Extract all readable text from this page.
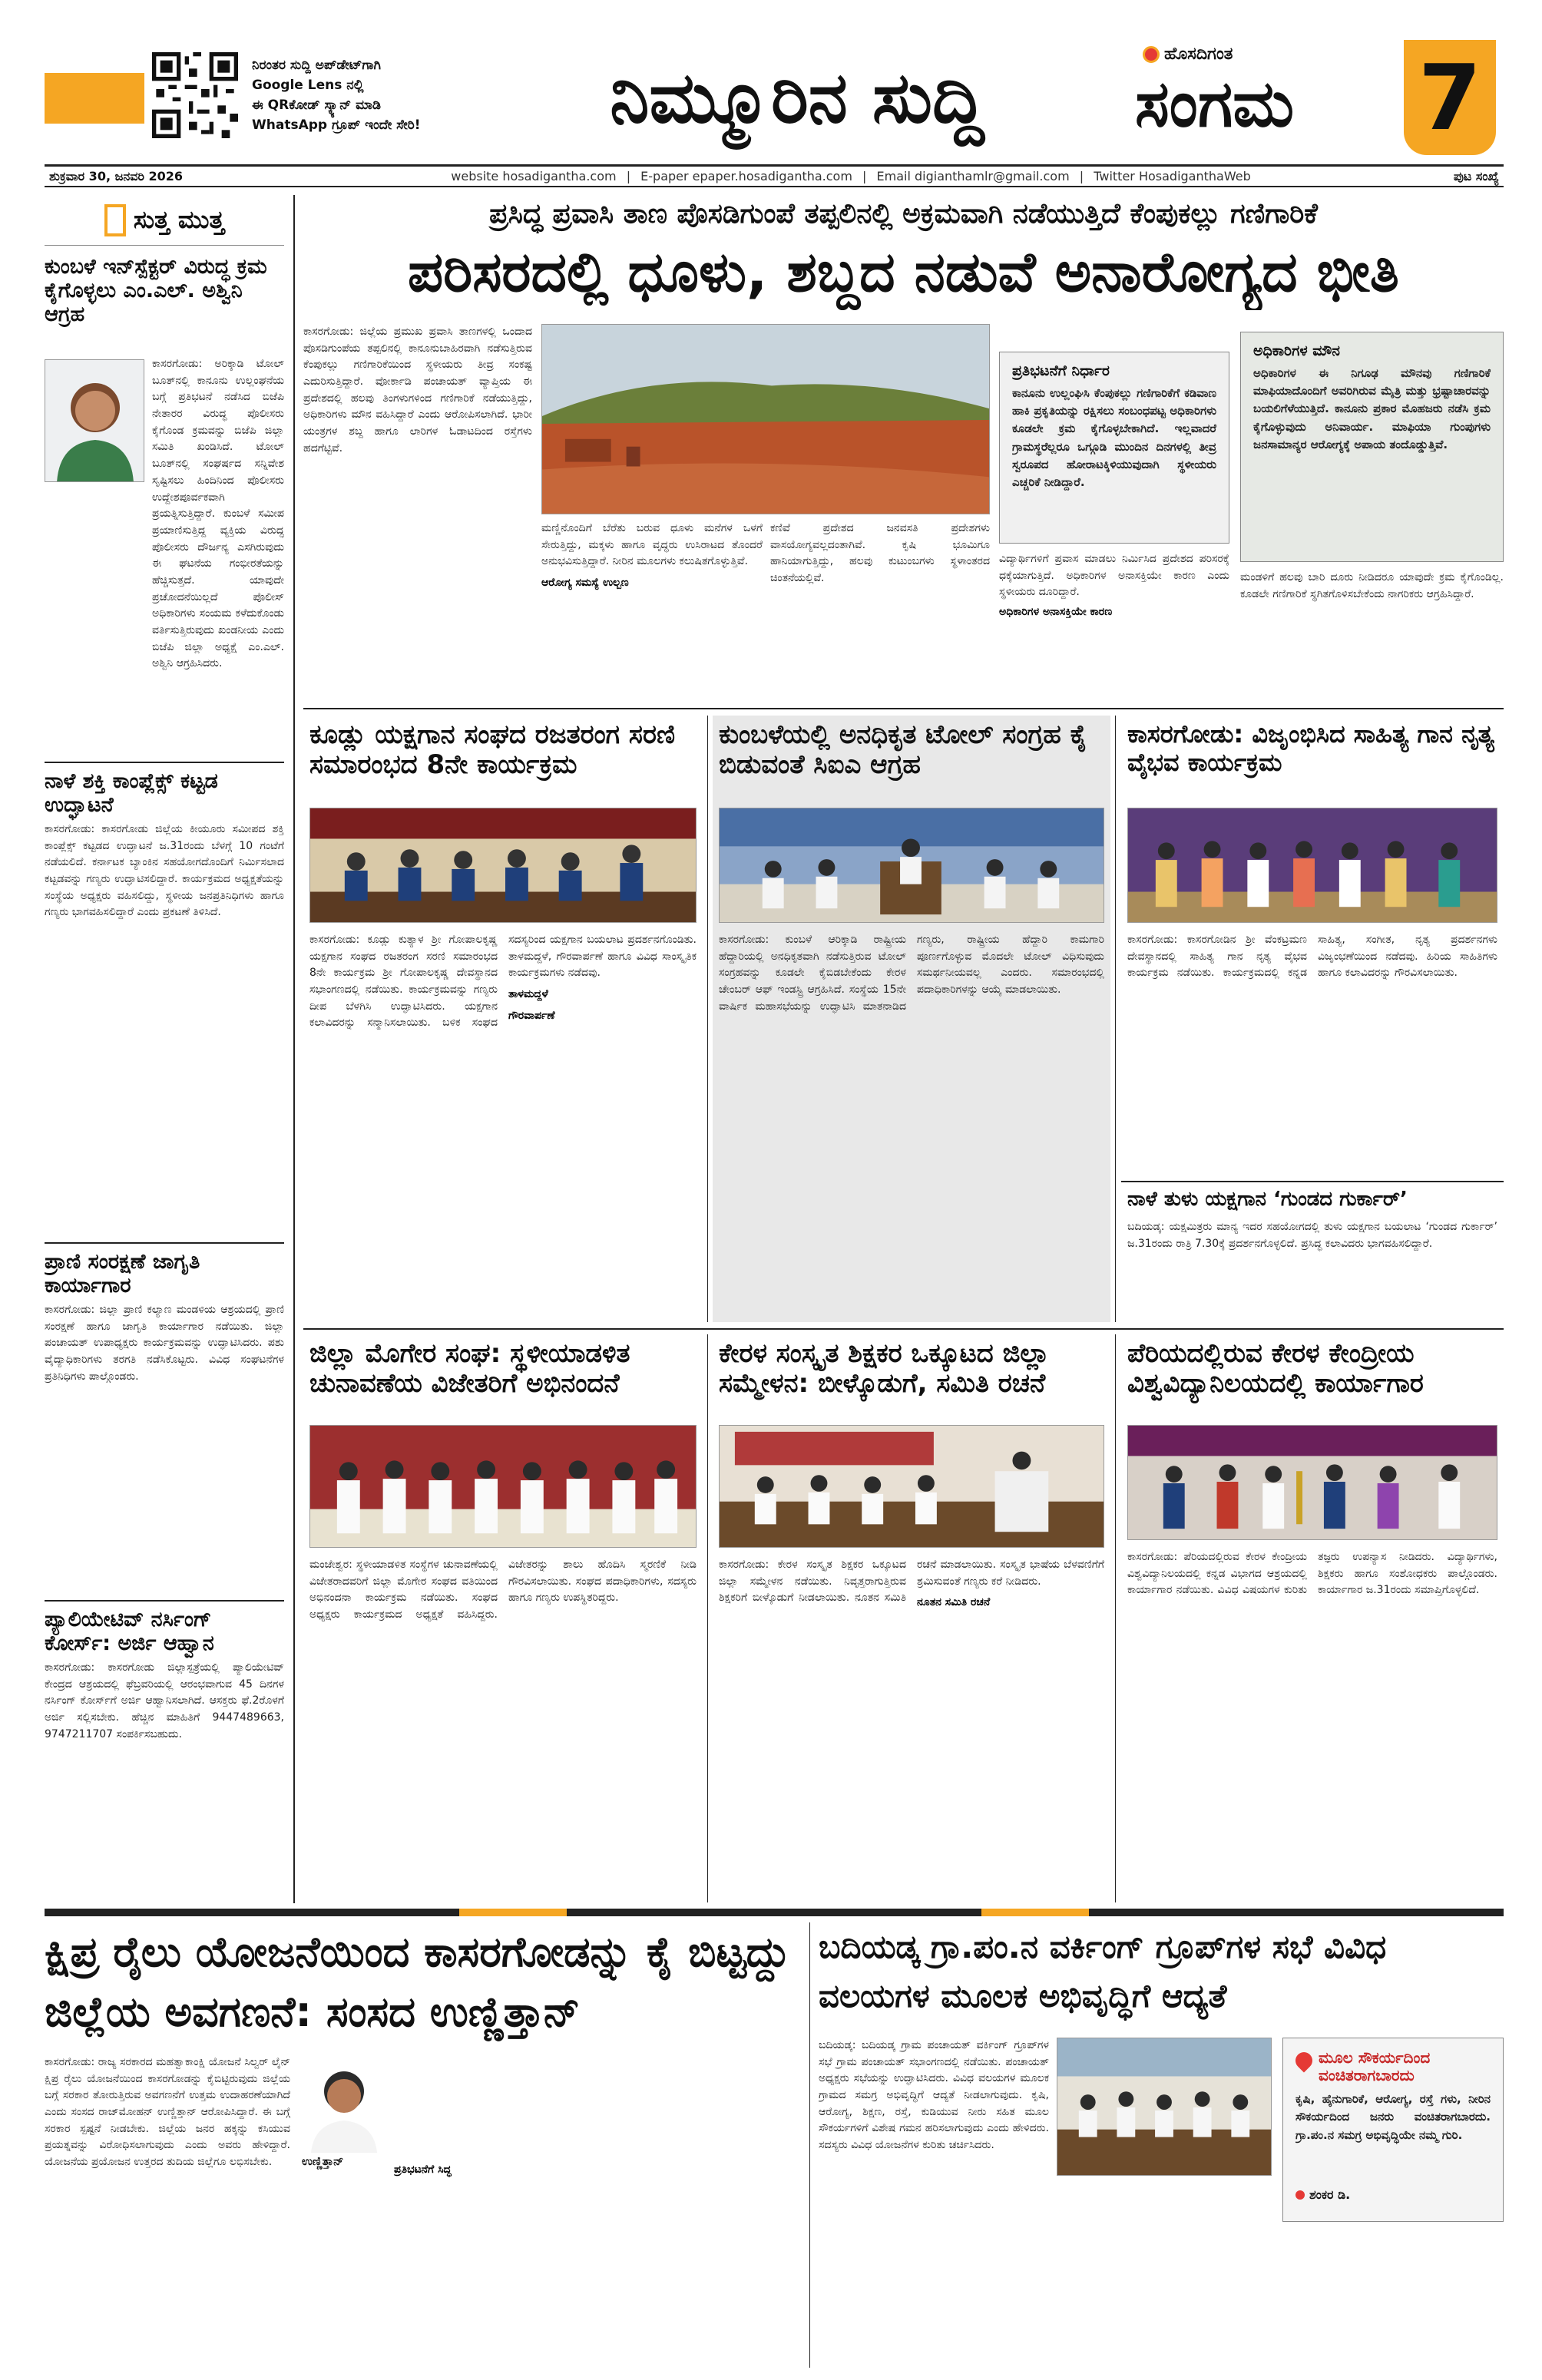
ನಿರಂತರ ಸುದ್ದಿ ಅಪ್‌ಡೇಟ್‌ಗಾಗಿ
Google Lens ನಲ್ಲಿ
ಈ QRಕೋಡ್ ಸ್ಕ್ಯಾನ್ ಮಾಡಿ
WhatsApp ಗ್ರೂಪ್ ಇಂದೇ ಸೇರಿ!	ನಿಮ್ಮೂರಿನ ಸುದ್ದಿ
ಹೊಸದಿಗಂತ
ಸಂಗಮ 7
ಶುಕ್ರವಾರ 30, ಜನವರಿ 2026	website hosadigantha.com | E-paper epaper.hosadigantha.com | Email digianthamlr@gmail.com | Twitter HosadiganthaWeb	ಪುಟ ಸಂಖ್ಯೆ
ಸುತ್ತ ಮುತ್ತ
ಕುಂಬಳೆ ಇನ್‌ಸ್ಪೆಕ್ಟರ್ ವಿರುದ್ಧ ಕ್ರಮ ಕೈಗೊಳ್ಳಲು ಎಂ.ಎಲ್. ಅಶ್ವಿನಿ ಆಗ್ರಹ
ಕಾಸರಗೋಡು: ಅರಿಕ್ಕಾಡಿ ಟೋಲ್ ಬೂತ್‌ನಲ್ಲಿ ಕಾನೂನು ಉಲ್ಲಂಘನೆಯ ಬಗ್ಗೆ ಪ್ರತಿಭಟನೆ ನಡೆಸಿದ ಬಿಜೆಪಿ ನೇತಾರರ ವಿರುದ್ಧ ಪೊಲೀಸರು ಕೈಗೊಂಡ ಕ್ರಮವನ್ನು ಬಿಜೆಪಿ ಜಿಲ್ಲಾ ಸಮಿತಿ ಖಂಡಿಸಿದೆ. ಟೋಲ್ ಬೂತ್‌ನಲ್ಲಿ ಸಂಘರ್ಷದ ಸನ್ನಿವೇಶ ಸೃಷ್ಟಿಸಲು ಹಿಂದಿನಿಂದ ಪೊಲೀಸರು ಉದ್ದೇಶಪೂರ್ವಕವಾಗಿ ಪ್ರಯತ್ನಿಸುತ್ತಿದ್ದಾರೆ. ಕುಂಬಳೆ ಸಮೀಪ ಪ್ರಯಾಣಿಸುತ್ತಿದ್ದ ವ್ಯಕ್ತಿಯ ವಿರುದ್ಧ ಪೊಲೀಸರು ದೌರ್ಜನ್ಯ ಎಸಗಿರುವುದು ಈ ಘಟನೆಯ ಗಂಭೀರತೆಯನ್ನು ಹೆಚ್ಚಿಸುತ್ತದೆ. ಯಾವುದೇ ಪ್ರಚೋದನೆಯಿಲ್ಲದೆ ಪೊಲೀಸ್ ಅಧಿಕಾರಿಗಳು ಸಂಯಮ ಕಳೆದುಕೊಂಡು ವರ್ತಿಸುತ್ತಿರುವುದು ಖಂಡನೀಯ ಎಂದು ಬಿಜೆಪಿ ಜಿಲ್ಲಾ ಅಧ್ಯಕ್ಷೆ ಎಂ.ಎಲ್. ಅಶ್ವಿನಿ ಆಗ್ರಹಿಸಿದರು.
ನಾಳೆ ಶಕ್ತಿ ಕಾಂಪ್ಲೆಕ್ಸ್ ಕಟ್ಟಡ ಉದ್ಘಾಟನೆ
ಕಾಸರಗೋಡು: ಕಾಸರಗೋಡು ಜಿಲ್ಲೆಯ ಕೀಯೂರು ಸಮೀಪದ ಶಕ್ತಿ ಕಾಂಪ್ಲೆಕ್ಸ್ ಕಟ್ಟಡದ ಉದ್ಘಾಟನೆ ಜ.31ರಂದು ಬೆಳಗ್ಗೆ 10 ಗಂಟೆಗೆ ನಡೆಯಲಿದೆ. ಕರ್ನಾಟಕ ಬ್ಯಾಂಕಿನ ಸಹಯೋಗದೊಂದಿಗೆ ನಿರ್ಮಿಸಲಾದ ಕಟ್ಟಡವನ್ನು ಗಣ್ಯರು ಉದ್ಘಾಟಿಸಲಿದ್ದಾರೆ. ಕಾರ್ಯಕ್ರಮದ ಅಧ್ಯಕ್ಷತೆಯನ್ನು ಸಂಸ್ಥೆಯ ಅಧ್ಯಕ್ಷರು ವಹಿಸಲಿದ್ದು, ಸ್ಥಳೀಯ ಜನಪ್ರತಿನಿಧಿಗಳು ಹಾಗೂ ಗಣ್ಯರು ಭಾಗವಹಿಸಲಿದ್ದಾರೆ ಎಂದು ಪ್ರಕಟಣೆ ತಿಳಿಸಿದೆ.
ಪ್ರಾಣಿ ಸಂರಕ್ಷಣೆ ಜಾಗೃತಿ ಕಾರ್ಯಾಗಾರ
ಕಾಸರಗೋಡು: ಜಿಲ್ಲಾ ಪ್ರಾಣಿ ಕಲ್ಯಾಣ ಮಂಡಳಿಯ ಆಶ್ರಯದಲ್ಲಿ ಪ್ರಾಣಿ ಸಂರಕ್ಷಣೆ ಹಾಗೂ ಜಾಗೃತಿ ಕಾರ್ಯಾಗಾರ ನಡೆಯಿತು. ಜಿಲ್ಲಾ ಪಂಚಾಯತ್ ಉಪಾಧ್ಯಕ್ಷರು ಕಾರ್ಯಕ್ರಮವನ್ನು ಉದ್ಘಾಟಿಸಿದರು. ಪಶು ವೈದ್ಯಾಧಿಕಾರಿಗಳು ತರಗತಿ ನಡೆಸಿಕೊಟ್ಟರು. ವಿವಿಧ ಸಂಘಟನೆಗಳ ಪ್ರತಿನಿಧಿಗಳು ಪಾಲ್ಗೊಂಡರು.
ಪ್ಯಾಲಿಯೇಟಿವ್ ನರ್ಸಿಂಗ್ ಕೋರ್ಸ್: ಅರ್ಜಿ ಆಹ್ವಾನ
ಕಾಸರಗೋಡು: ಕಾಸರಗೋಡು ಜಿಲ್ಲಾಸ್ಪತ್ರೆಯಲ್ಲಿ ಪ್ಯಾಲಿಯೇಟಿವ್ ಕೇಂದ್ರದ ಆಶ್ರಯದಲ್ಲಿ ಫೆಬ್ರವರಿಯಲ್ಲಿ ಆರಂಭವಾಗುವ 45 ದಿನಗಳ ನರ್ಸಿಂಗ್ ಕೋರ್ಸ್‌ಗೆ ಅರ್ಜಿ ಆಹ್ವಾನಿಸಲಾಗಿದೆ. ಆಸಕ್ತರು ಫೆ.2ರೊಳಗೆ ಅರ್ಜಿ ಸಲ್ಲಿಸಬೇಕು. ಹೆಚ್ಚಿನ ಮಾಹಿತಿಗೆ 9447489663, 9747211707 ಸಂಪರ್ಕಿಸಬಹುದು.
ಪ್ರಸಿದ್ಧ ಪ್ರವಾಸಿ ತಾಣ ಪೊಸಡಿಗುಂಪೆ ತಪ್ಪಲಿನಲ್ಲಿ ಅಕ್ರಮವಾಗಿ ನಡೆಯುತ್ತಿದೆ ಕೆಂಪುಕಲ್ಲು ಗಣಿಗಾರಿಕೆ
ಪರಿಸರದಲ್ಲಿ ಧೂಳು, ಶಬ್ದದ ನಡುವೆ ಅನಾರೋಗ್ಯದ ಭೀತಿ
ಕಾಸರಗೋಡು: ಜಿಲ್ಲೆಯ ಪ್ರಮುಖ ಪ್ರವಾಸಿ ತಾಣಗಳಲ್ಲಿ ಒಂದಾದ ಪೊಸಡಿಗುಂಪೆಯ ತಪ್ಪಲಿನಲ್ಲಿ ಕಾನೂನುಬಾಹಿರವಾಗಿ ನಡೆಸುತ್ತಿರುವ ಕೆಂಪುಕಲ್ಲು ಗಣಿಗಾರಿಕೆಯಿಂದ ಸ್ಥಳೀಯರು ತೀವ್ರ ಸಂಕಷ್ಟ ಎದುರಿಸುತ್ತಿದ್ದಾರೆ. ವೋರ್ಕಾಡಿ ಪಂಚಾಯತ್ ವ್ಯಾಪ್ತಿಯ ಈ ಪ್ರದೇಶದಲ್ಲಿ ಹಲವು ತಿಂಗಳುಗಳಿಂದ ಗಣಿಗಾರಿಕೆ ನಡೆಯುತ್ತಿದ್ದು, ಅಧಿಕಾರಿಗಳು ಮೌನ ವಹಿಸಿದ್ದಾರೆ ಎಂದು ಆರೋಪಿಸಲಾಗಿದೆ. ಭಾರೀ ಯಂತ್ರಗಳ ಶಬ್ದ ಹಾಗೂ ಲಾರಿಗಳ ಓಡಾಟದಿಂದ ರಸ್ತೆಗಳು ಹದಗೆಟ್ಟಿವೆ.
ಮಣ್ಣಿನೊಂದಿಗೆ ಬೆರೆತು ಬರುವ ಧೂಳು ಮನೆಗಳ ಒಳಗೆ ಸೇರುತ್ತಿದ್ದು, ಮಕ್ಕಳು ಹಾಗೂ ವೃದ್ಧರು ಉಸಿರಾಟದ ತೊಂದರೆ ಅನುಭವಿಸುತ್ತಿದ್ದಾರೆ. ನೀರಿನ ಮೂಲಗಳು ಕಲುಷಿತಗೊಳ್ಳುತ್ತಿವೆ.
ಆರೋಗ್ಯ ಸಮಸ್ಯೆ ಉಲ್ಬಣ
ಕಣಿವೆ ಪ್ರದೇಶದ ಜನವಸತಿ ಪ್ರದೇಶಗಳು ವಾಸಯೋಗ್ಯವಲ್ಲದಂತಾಗಿವೆ. ಕೃಷಿ ಭೂಮಿಗೂ ಹಾನಿಯಾಗುತ್ತಿದ್ದು, ಹಲವು ಕುಟುಂಬಗಳು ಸ್ಥಳಾಂತರದ ಚಿಂತನೆಯಲ್ಲಿವೆ.
ಪ್ರತಿಭಟನೆಗೆ ನಿರ್ಧಾರ
ಕಾನೂನು ಉಲ್ಲಂಘಿಸಿ ಕೆಂಪುಕಲ್ಲು ಗಣಿಗಾರಿಕೆಗೆ ಕಡಿವಾಣ ಹಾಕಿ ಪ್ರಕೃತಿಯನ್ನು ರಕ್ಷಿಸಲು ಸಂಬಂಧಪಟ್ಟ ಅಧಿಕಾರಿಗಳು ಕೂಡಲೇ ಕ್ರಮ ಕೈಗೊಳ್ಳಬೇಕಾಗಿದೆ. ಇಲ್ಲವಾದರೆ ಗ್ರಾಮಸ್ಥರೆಲ್ಲರೂ ಒಗ್ಗೂಡಿ ಮುಂದಿನ ದಿನಗಳಲ್ಲಿ ತೀವ್ರ ಸ್ವರೂಪದ ಹೋರಾಟಕ್ಕಿಳಿಯುವುದಾಗಿ ಸ್ಥಳೀಯರು ಎಚ್ಚರಿಕೆ ನೀಡಿದ್ದಾರೆ.
ವಿದ್ಯಾರ್ಥಿಗಳಿಗೆ ಪ್ರವಾಸ ಮಾಡಲು ನಿರ್ಮಿಸಿದ ಪ್ರದೇಶದ ಪರಿಸರಕ್ಕೆ ಧಕ್ಕೆಯಾಗುತ್ತಿದೆ. ಅಧಿಕಾರಿಗಳ ಅನಾಸಕ್ತಿಯೇ ಕಾರಣ ಎಂದು ಸ್ಥಳೀಯರು ದೂರಿದ್ದಾರೆ.
ಅಧಿಕಾರಿಗಳ ಅನಾಸಕ್ತಿಯೇ ಕಾರಣ
ಅಧಿಕಾರಿಗಳ ಮೌನ
ಅಧಿಕಾರಿಗಳ ಈ ನಿಗೂಢ ಮೌನವು ಗಣಿಗಾರಿಕೆ ಮಾಫಿಯಾದೊಂದಿಗೆ ಅವರಿಗಿರುವ ಮೈತ್ರಿ ಮತ್ತು ಭ್ರಷ್ಟಾಚಾರವನ್ನು ಬಯಲಿಗೆಳೆಯುತ್ತಿದೆ. ಕಾನೂನು ಪ್ರಕಾರ ಮೊಹಜರು ನಡೆಸಿ ಕ್ರಮ ಕೈಗೊಳ್ಳುವುದು ಅನಿವಾರ್ಯ. ಮಾಫಿಯಾ ಗುಂಪುಗಳು ಜನಸಾಮಾನ್ಯರ ಆರೋಗ್ಯಕ್ಕೆ ಅಪಾಯ ತಂದೊಡ್ಡುತ್ತಿವೆ.
ಮಂಡಳಿಗೆ ಹಲವು ಬಾರಿ ದೂರು ನೀಡಿದರೂ ಯಾವುದೇ ಕ್ರಮ ಕೈಗೊಂಡಿಲ್ಲ. ಕೂಡಲೇ ಗಣಿಗಾರಿಕೆ ಸ್ಥಗಿತಗೊಳಿಸಬೇಕೆಂದು ನಾಗರಿಕರು ಆಗ್ರಹಿಸಿದ್ದಾರೆ.
ಕೂಡ್ಲು ಯಕ್ಷಗಾನ ಸಂಘದ ರಜತರಂಗ ಸರಣಿ ಸಮಾರಂಭದ 8ನೇ ಕಾರ್ಯಕ್ರಮ
ಕಾಸರಗೋಡು: ಕೂಡ್ಲು ಕುತ್ಯಾಳ ಶ್ರೀ ಗೋಪಾಲಕೃಷ್ಣ ಯಕ್ಷಗಾನ ಸಂಘದ ರಜತರಂಗ ಸರಣಿ ಸಮಾರಂಭದ 8ನೇ ಕಾರ್ಯಕ್ರಮ ಶ್ರೀ ಗೋಪಾಲಕೃಷ್ಣ ದೇವಸ್ಥಾನದ ಸಭಾಂಗಣದಲ್ಲಿ ನಡೆಯಿತು. ಕಾರ್ಯಕ್ರಮವನ್ನು ಗಣ್ಯರು ದೀಪ ಬೆಳಗಿಸಿ ಉದ್ಘಾಟಿಸಿದರು. ಯಕ್ಷಗಾನ ಕಲಾವಿದರನ್ನು ಸನ್ಮಾನಿಸಲಾಯಿತು. ಬಳಿಕ ಸಂಘದ ಸದಸ್ಯರಿಂದ ಯಕ್ಷಗಾನ ಬಯಲಾಟ ಪ್ರದರ್ಶನಗೊಂಡಿತು. ತಾಳಮದ್ದಳೆ, ಗೌರವಾರ್ಪಣೆ ಹಾಗೂ ವಿವಿಧ ಸಾಂಸ್ಕೃತಿಕ ಕಾರ್ಯಕ್ರಮಗಳು ನಡೆದವು.
ತಾಳಮದ್ದಳೆ
ಗೌರವಾರ್ಪಣೆ
ಕುಂಬಳೆಯಲ್ಲಿ ಅನಧಿಕೃತ ಟೋಲ್ ಸಂಗ್ರಹ ಕೈ ಬಿಡುವಂತೆ ಸಿಐಎ ಆಗ್ರಹ
ಕಾಸರಗೋಡು: ಕುಂಬಳೆ ಆರಿಕ್ಕಾಡಿ ರಾಷ್ಟ್ರೀಯ ಹೆದ್ದಾರಿಯಲ್ಲಿ ಅನಧಿಕೃತವಾಗಿ ನಡೆಸುತ್ತಿರುವ ಟೋಲ್ ಸಂಗ್ರಹವನ್ನು ಕೂಡಲೇ ಕೈಬಿಡಬೇಕೆಂದು ಕೇರಳ ಚೇಂಬರ್ ಆಫ್ ಇಂಡಸ್ಟ್ರಿ ಆಗ್ರಹಿಸಿದೆ. ಸಂಸ್ಥೆಯ 15ನೇ ವಾರ್ಷಿಕ ಮಹಾಸಭೆಯನ್ನು ಉದ್ಘಾಟಿಸಿ ಮಾತನಾಡಿದ ಗಣ್ಯರು, ರಾಷ್ಟ್ರೀಯ ಹೆದ್ದಾರಿ ಕಾಮಗಾರಿ ಪೂರ್ಣಗೊಳ್ಳುವ ಮೊದಲೇ ಟೋಲ್ ವಿಧಿಸುವುದು ಸಮರ್ಥನೀಯವಲ್ಲ ಎಂದರು. ಸಮಾರಂಭದಲ್ಲಿ ಪದಾಧಿಕಾರಿಗಳನ್ನು ಆಯ್ಕೆ ಮಾಡಲಾಯಿತು.
ಕಾಸರಗೋಡು: ವಿಜೃಂಭಿಸಿದ ಸಾಹಿತ್ಯ ಗಾನ ನೃತ್ಯ ವೈಭವ ಕಾರ್ಯಕ್ರಮ
ಕಾಸರಗೋಡು: ಕಾಸರಗೋಡಿನ ಶ್ರೀ ವೆಂಕಟ್ರಮಣ ದೇವಸ್ಥಾನದಲ್ಲಿ ಸಾಹಿತ್ಯ ಗಾನ ನೃತ್ಯ ವೈಭವ ಕಾರ್ಯಕ್ರಮ ನಡೆಯಿತು. ಕಾರ್ಯಕ್ರಮದಲ್ಲಿ ಕನ್ನಡ ಸಾಹಿತ್ಯ, ಸಂಗೀತ, ನೃತ್ಯ ಪ್ರದರ್ಶನಗಳು ವಿಜೃಂಭಣೆಯಿಂದ ನಡೆದವು. ಹಿರಿಯ ಸಾಹಿತಿಗಳು ಹಾಗೂ ಕಲಾವಿದರನ್ನು ಗೌರವಿಸಲಾಯಿತು.
ನಾಳೆ ತುಳು ಯಕ್ಷಗಾನ ‘ಗುಂಡದ ಗುರ್ಕಾರ್’
ಬದಿಯಡ್ಕ: ಯಕ್ಷಮಿತ್ರರು ಮಾನ್ಯ ಇದರ ಸಹಯೋಗದಲ್ಲಿ ತುಳು ಯಕ್ಷಗಾನ ಬಯಲಾಟ ‘ಗುಂಡದ ಗುರ್ಕಾರ್’ ಜ.31ರಂದು ರಾತ್ರಿ 7.30ಕ್ಕೆ ಪ್ರದರ್ಶನಗೊಳ್ಳಲಿದೆ. ಪ್ರಸಿದ್ಧ ಕಲಾವಿದರು ಭಾಗವಹಿಸಲಿದ್ದಾರೆ.
ಜಿಲ್ಲಾ ಮೊಗೇರ ಸಂಘ: ಸ್ಥಳೀಯಾಡಳಿತ ಚುನಾವಣೆಯ ವಿಜೇತರಿಗೆ ಅಭಿನಂದನೆ
ಮಂಜೇಶ್ವರ: ಸ್ಥಳೀಯಾಡಳಿತ ಸಂಸ್ಥೆಗಳ ಚುನಾವಣೆಯಲ್ಲಿ ವಿಜೇತರಾದವರಿಗೆ ಜಿಲ್ಲಾ ಮೊಗೇರ ಸಂಘದ ವತಿಯಿಂದ ಅಭಿನಂದನಾ ಕಾರ್ಯಕ್ರಮ ನಡೆಯಿತು. ಸಂಘದ ಅಧ್ಯಕ್ಷರು ಕಾರ್ಯಕ್ರಮದ ಅಧ್ಯಕ್ಷತೆ ವಹಿಸಿದ್ದರು. ವಿಜೇತರನ್ನು ಶಾಲು ಹೊದಿಸಿ ಸ್ಮರಣಿಕೆ ನೀಡಿ ಗೌರವಿಸಲಾಯಿತು. ಸಂಘದ ಪದಾಧಿಕಾರಿಗಳು, ಸದಸ್ಯರು ಹಾಗೂ ಗಣ್ಯರು ಉಪಸ್ಥಿತರಿದ್ದರು.
ಕೇರಳ ಸಂಸ್ಕೃತ ಶಿಕ್ಷಕರ ಒಕ್ಕೂಟದ ಜಿಲ್ಲಾ ಸಮ್ಮೇಳನ: ಬೀಳ್ಕೊಡುಗೆ, ಸಮಿತಿ ರಚನೆ
ಕಾಸರಗೋಡು: ಕೇರಳ ಸಂಸ್ಕೃತ ಶಿಕ್ಷಕರ ಒಕ್ಕೂಟದ ಜಿಲ್ಲಾ ಸಮ್ಮೇಳನ ನಡೆಯಿತು. ನಿವೃತ್ತರಾಗುತ್ತಿರುವ ಶಿಕ್ಷಕರಿಗೆ ಬೀಳ್ಕೊಡುಗೆ ನೀಡಲಾಯಿತು. ನೂತನ ಸಮಿತಿ ರಚನೆ ಮಾಡಲಾಯಿತು. ಸಂಸ್ಕೃತ ಭಾಷೆಯ ಬೆಳವಣಿಗೆಗೆ ಶ್ರಮಿಸುವಂತೆ ಗಣ್ಯರು ಕರೆ ನೀಡಿದರು.
ನೂತನ ಸಮಿತಿ ರಚನೆ
ಪೆರಿಯದಲ್ಲಿರುವ ಕೇರಳ ಕೇಂದ್ರೀಯ ವಿಶ್ವವಿದ್ಯಾನಿಲಯದಲ್ಲಿ ಕಾರ್ಯಾಗಾರ
ಕಾಸರಗೋಡು: ಪೆರಿಯದಲ್ಲಿರುವ ಕೇರಳ ಕೇಂದ್ರೀಯ ವಿಶ್ವವಿದ್ಯಾನಿಲಯದಲ್ಲಿ ಕನ್ನಡ ವಿಭಾಗದ ಆಶ್ರಯದಲ್ಲಿ ಕಾರ್ಯಾಗಾರ ನಡೆಯಿತು. ವಿವಿಧ ವಿಷಯಗಳ ಕುರಿತು ತಜ್ಞರು ಉಪನ್ಯಾಸ ನೀಡಿದರು. ವಿದ್ಯಾರ್ಥಿಗಳು, ಶಿಕ್ಷಕರು ಹಾಗೂ ಸಂಶೋಧಕರು ಪಾಲ್ಗೊಂಡರು. ಕಾರ್ಯಾಗಾರ ಜ.31ರಂದು ಸಮಾಪ್ತಿಗೊಳ್ಳಲಿದೆ.
ಕ್ಷಿಪ್ರ ರೈಲು ಯೋಜನೆಯಿಂದ ಕಾಸರಗೋಡನ್ನು ಕೈ ಬಿಟ್ಟದ್ದು ಜಿಲ್ಲೆಯ ಅವಗಣನೆ: ಸಂಸದ ಉಣ್ಣಿತ್ತಾನ್
ಕಾಸರಗೋಡು: ರಾಜ್ಯ ಸರಕಾರದ ಮಹತ್ವಾಕಾಂಕ್ಷಿ ಯೋಜನೆ ಸಿಲ್ವರ್ ಲೈನ್ ಕ್ಷಿಪ್ರ ರೈಲು ಯೋಜನೆಯಿಂದ ಕಾಸರಗೋಡನ್ನು ಕೈಬಿಟ್ಟಿರುವುದು ಜಿಲ್ಲೆಯ ಬಗ್ಗೆ ಸರಕಾರ ತೋರುತ್ತಿರುವ ಅವಗಣನೆಗೆ ಉತ್ತಮ ಉದಾಹರಣೆಯಾಗಿದೆ ಎಂದು ಸಂಸದ ರಾಜ್‌ಮೋಹನ್ ಉಣ್ಣಿತ್ತಾನ್ ಆರೋಪಿಸಿದ್ದಾರೆ. ಈ ಬಗ್ಗೆ ಸರಕಾರ ಸ್ಪಷ್ಟನೆ ನೀಡಬೇಕು. ಜಿಲ್ಲೆಯ ಜನರ ಹಕ್ಕನ್ನು ಕಸಿಯುವ ಪ್ರಯತ್ನವನ್ನು ವಿರೋಧಿಸಲಾಗುವುದು ಎಂದು ಅವರು ಹೇಳಿದ್ದಾರೆ. ಯೋಜನೆಯ ಪ್ರಯೋಜನ ಉತ್ತರದ ತುದಿಯ ಜಿಲ್ಲೆಗೂ ಲಭಿಸಬೇಕು.	ಉಣ್ಣಿತ್ತಾನ್
ಪ್ರತಿಭಟನೆಗೆ ಸಿದ್ಧ
ಬದಿಯಡ್ಕ ಗ್ರಾ.ಪಂ.ನ ವರ್ಕಿಂಗ್ ಗ್ರೂಪ್‌ಗಳ ಸಭೆ ವಿವಿಧ ವಲಯಗಳ ಮೂಲಕ ಅಭಿವೃದ್ಧಿಗೆ ಆದ್ಯತೆ
ಬದಿಯಡ್ಕ: ಬದಿಯಡ್ಕ ಗ್ರಾಮ ಪಂಚಾಯತ್ ವರ್ಕಿಂಗ್ ಗ್ರೂಪ್‌ಗಳ ಸಭೆ ಗ್ರಾಮ ಪಂಚಾಯತ್ ಸಭಾಂಗಣದಲ್ಲಿ ನಡೆಯಿತು. ಪಂಚಾಯತ್ ಅಧ್ಯಕ್ಷರು ಸಭೆಯನ್ನು ಉದ್ಘಾಟಿಸಿದರು. ವಿವಿಧ ವಲಯಗಳ ಮೂಲಕ ಗ್ರಾಮದ ಸಮಗ್ರ ಅಭಿವೃದ್ಧಿಗೆ ಆದ್ಯತೆ ನೀಡಲಾಗುವುದು. ಕೃಷಿ, ಆರೋಗ್ಯ, ಶಿಕ್ಷಣ, ರಸ್ತೆ, ಕುಡಿಯುವ ನೀರು ಸಹಿತ ಮೂಲ ಸೌಕರ್ಯಗಳಿಗೆ ವಿಶೇಷ ಗಮನ ಹರಿಸಲಾಗುವುದು ಎಂದು ಹೇಳಿದರು. ಸದಸ್ಯರು ವಿವಿಧ ಯೋಜನೆಗಳ ಕುರಿತು ಚರ್ಚಿಸಿದರು.
ಮೂಲ ಸೌಕರ್ಯದಿಂದ ವಂಚಿತರಾಗಬಾರದು
ಕೃಷಿ, ಹೈನುಗಾರಿಕೆ, ಆರೋಗ್ಯ, ರಸ್ತೆ ಗಳು, ನೀರಿನ ಸೌಕರ್ಯದಿಂದ ಜನರು ವಂಚಿತರಾಗಬಾರದು. ಗ್ರಾ.ಪಂ.ನ ಸಮಗ್ರ ಅಭಿವೃದ್ಧಿಯೇ ನಮ್ಮ ಗುರಿ.
ಶಂಕರ ಡಿ.
